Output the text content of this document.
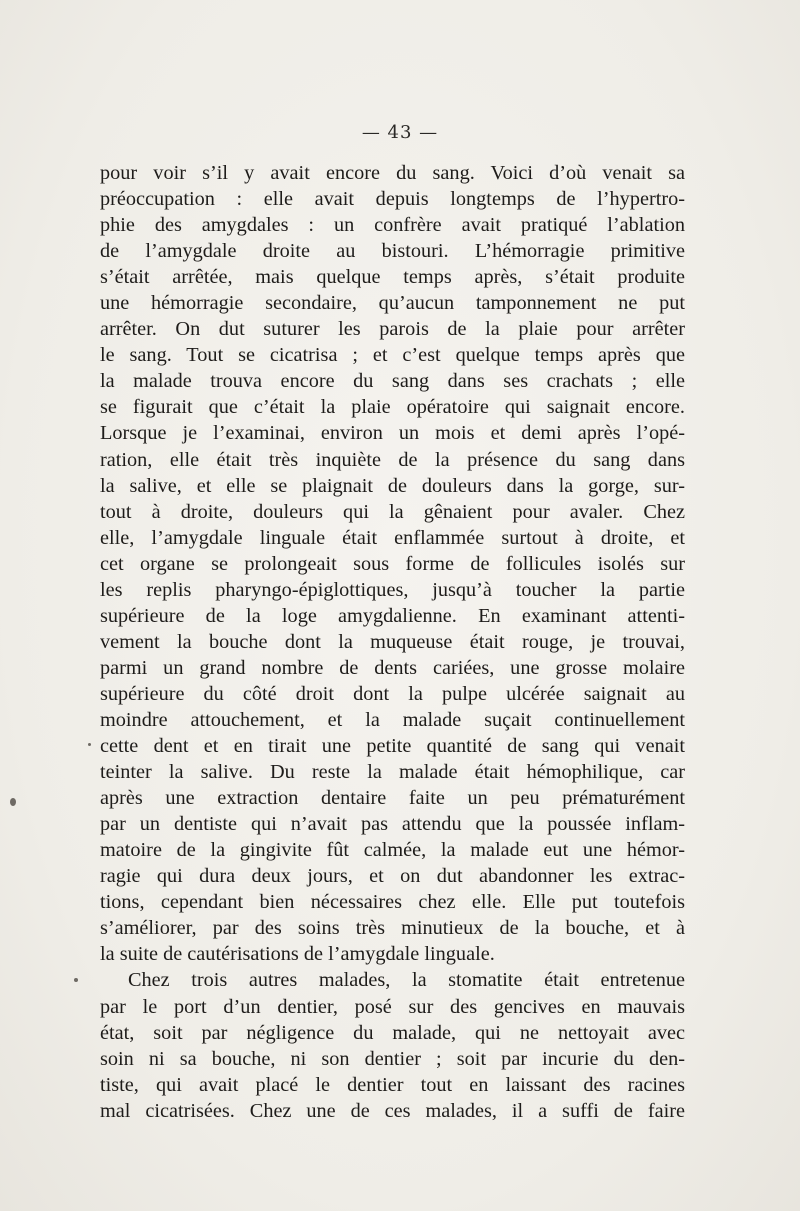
— 43 —
pour voir s’il y avait encore du sang. Voici d’où venait sa
préoccupation : elle avait depuis longtemps de l’hypertro-
phie des amygdales : un confrère avait pratiqué l’ablation
de l’amygdale droite au bistouri. L’hémorragie primitive
s’était arrêtée, mais quelque temps après, s’était produite
une hémorragie secondaire, qu’aucun tamponnement ne put
arrêter. On dut suturer les parois de la plaie pour arrêter
le sang. Tout se cicatrisa ; et c’est quelque temps après que
la malade trouva encore du sang dans ses crachats ; elle
se figurait que c’était la plaie opératoire qui saignait encore.
Lorsque je l’examinai, environ un mois et demi après l’opé-
ration, elle était très inquiète de la présence du sang dans
la salive, et elle se plaignait de douleurs dans la gorge, sur-
tout à droite, douleurs qui la gênaient pour avaler. Chez
elle, l’amygdale linguale était enflammée surtout à droite, et
cet organe se prolongeait sous forme de follicules isolés sur
les replis pharyngo-épiglottiques, jusqu’à toucher la partie
supérieure de la loge amygdalienne. En examinant attenti-
vement la bouche dont la muqueuse était rouge, je trouvai,
parmi un grand nombre de dents cariées, une grosse molaire
supérieure du côté droit dont la pulpe ulcérée saignait au
moindre attouchement, et la malade suçait continuellement
cette dent et en tirait une petite quantité de sang qui venait
teinter la salive. Du reste la malade était hémophilique, car
après une extraction dentaire faite un peu prématurément
par un dentiste qui n’avait pas attendu que la poussée inflam-
matoire de la gingivite fût calmée, la malade eut une hémor-
ragie qui dura deux jours, et on dut abandonner les extrac-
tions, cependant bien nécessaires chez elle. Elle put toutefois
s’améliorer, par des soins très minutieux de la bouche, et à
la suite de cautérisations de l’amygdale linguale.
Chez trois autres malades, la stomatite était entretenue
par le port d’un dentier, posé sur des gencives en mauvais
état, soit par négligence du malade, qui ne nettoyait avec
soin ni sa bouche, ni son dentier ; soit par incurie du den-
tiste, qui avait placé le dentier tout en laissant des racines
mal cicatrisées. Chez une de ces malades, il a suffi de faire
